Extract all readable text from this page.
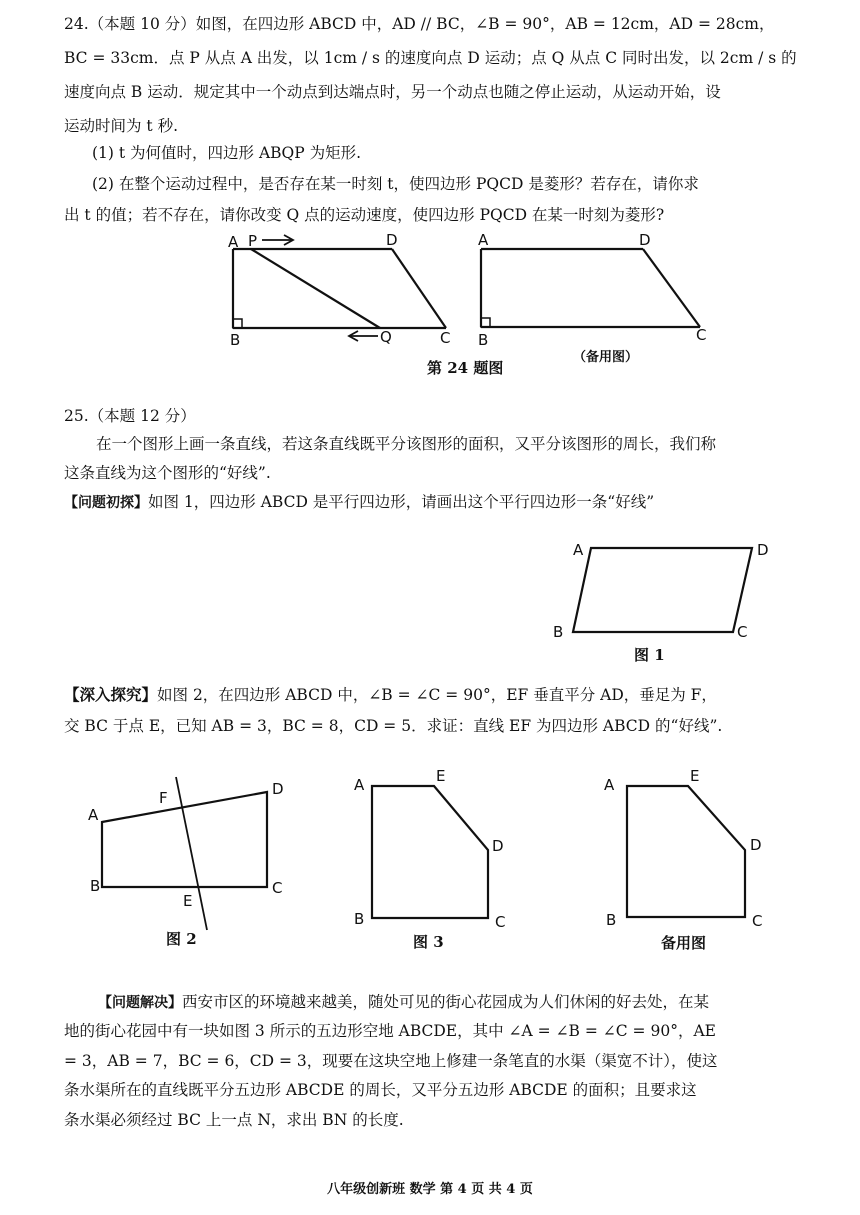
24.（本题 10 分）如图，在四边形 ABCD 中，AD // BC，∠B = 90°，AB = 12cm，AD = 28cm，
BC = 33cm．点 P 从点 A 出发，以 1cm / s 的速度向点 D 运动；点 Q 从点 C 同时出发，以 2cm / s 的
速度向点 B 运动．规定其中一个动点到达端点时，另一个动点也随之停止运动，从运动开始，设
运动时间为 t 秒.
(1) t 为何值时，四边形 ABQP 为矩形.
(2) 在整个运动过程中，是否存在某一时刻 t，使四边形 PQCD 是菱形？若存在，请你求
出 t 的值；若不存在，请你改变 Q 点的运动速度，使四边形 PQCD 在某一时刻为菱形?
A P	D
B	Q	C
A	D
B	C
A	D
B	C
A
F	D
B	C
E
A	E
D
B	C
A	E
D
B	C
第 24 题图
（备用图）
25.（本题 12 分）
在一个图形上画一条直线，若这条直线既平分该图形的面积，又平分该图形的周长，我们称
这条直线为这个图形的“好线”.
【问题初探】如图 1，四边形 ABCD 是平行四边形，请画出这个平行四边形一条“好线”
图 1
【深入探究】如图 2，在四边形 ABCD 中，∠B = ∠C = 90°，EF 垂直平分 AD，垂足为 F，
交 BC 于点 E，已知 AB = 3，BC = 8，CD = 5．求证：直线 EF 为四边形 ABCD 的“好线”.
图 2	图 3	备用图
【问题解决】西安市区的环境越来越美，随处可见的街心花园成为人们休闲的好去处，在某
地的街心花园中有一块如图 3 所示的五边形空地 ABCDE，其中 ∠A = ∠B = ∠C = 90°，AE
= 3，AB = 7，BC = 6，CD = 3，现要在这块空地上修建一条笔直的水渠（渠宽不计），使这
条水渠所在的直线既平分五边形 ABCDE 的周长，又平分五边形 ABCDE 的面积；且要求这
条水渠必须经过 BC 上一点 N，求出 BN 的长度.
八年级创新班 数学 第 4 页 共 4 页
